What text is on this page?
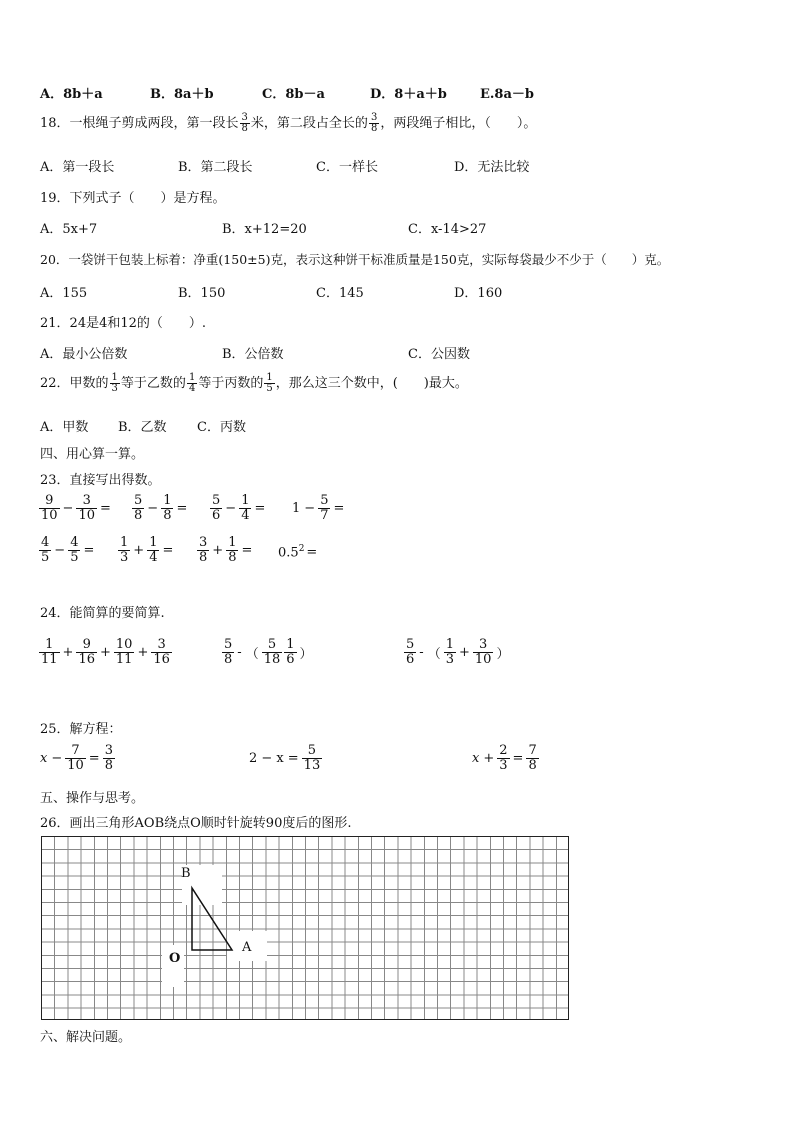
A．8b＋a	B．8a＋b	C．8b－a	D．8＋a＋b	E.8a－b
18．一根绳子剪成两段，第一段长 $\frac{3}{8}$ 米，第二段占全长的 $\frac{3}{8}$ ，两段绳子相比，（　　）。
A．第一段长	B．第二段长	C．一样长	D．无法比较
19．下列式子（　　）是方程。
A．5x+7	B．x+12=20	C．x-14>27
20．一袋饼干包装上标着：净重(150±5)克，表示这种饼干标准质量是150克，实际每袋最少不少于（　　）克。
A．155	B．150	C．145	D．160
21．24是4和12的（　　）.
A．最小公倍数	B．公倍数	C．公因数
22．甲数的 $\frac{1}{3}$ 等于乙数的 $\frac{1}{4}$ 等于丙数的 $\frac{1}{5}$ ，那么这三个数中，(　　)最大。
A．甲数 B．乙数 C．丙数
四、用心算一算。
23．直接写出得数。
$\frac{9}{10} - \frac{3}{10} = \frac{5}{8} - \frac{1}{8} = \frac{5}{6} - \frac{1}{4} = 1 - \frac{5}{7}$ =
$\frac{4}{5} - \frac{4}{5} = \frac{1}{3} + \frac{1}{4} = \frac{3}{8} + \frac{1}{8} = 0.5^2$ =
24．能简算的要简算.
$\frac{1}{11} + \frac{9}{16} + \frac{10}{11} + \frac{3}{16}$	$\frac{5}{8}$ - （ $\frac{5}{18} \frac{1}{6}$ ）	$\frac{5}{6}$ - （ $\frac{1}{3} + \frac{3}{10}$ ）
25．解方程：
$x - \frac{7}{10} = \frac{3}{8}$	$2 - x = \frac{5}{13}$	$x + \frac{2}{3} = \frac{7}{8}$
五、操作与思考。
26．画出三角形AOB绕点O顺时针旋转90度后的图形.
B
A
O
六、解决问题。
